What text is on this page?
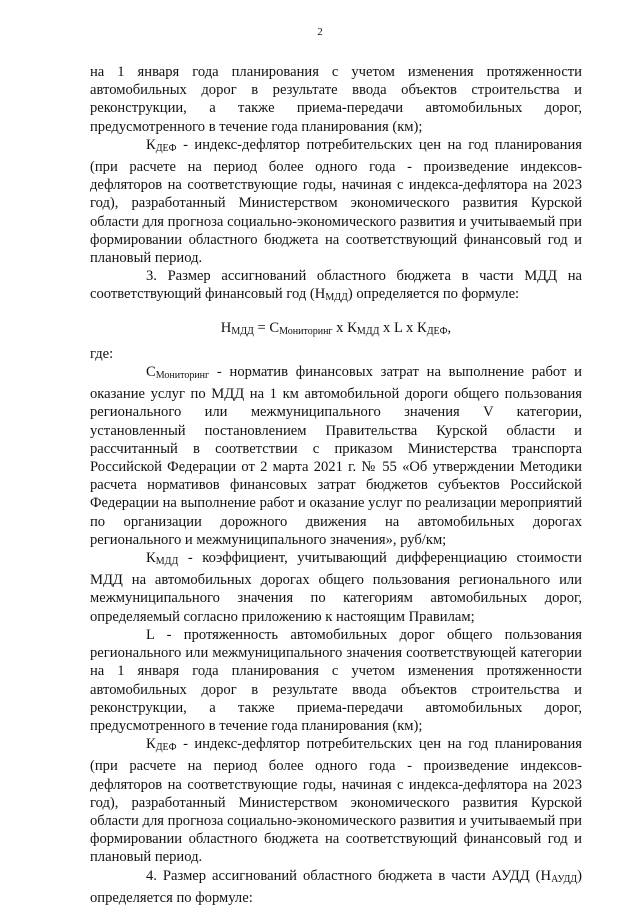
2

на 1 января года планирования с учетом изменения протяженности автомобильных дорог в результате ввода объектов строительства и реконструкции, а также приема-передачи автомобильных дорог, предусмотренного в течение года планирования (км);

$К_{ДЕФ}$ - индекс-дефлятор потребительских цен на год планирования (при расчете на период более одного года - произведение индексов-дефляторов на соответствующие годы, начиная с индекса-дефлятора на 2023 год), разработанный Министерством экономического развития Курской области для прогноза социально-экономического развития и учитываемый при формировании областного бюджета на соответствующий финансовый год и плановый период.

3. Размер ассигнований областного бюджета в части МДД на соответствующий финансовый год $(Н_{МДД})$ определяется по формуле:

$Н_{МДД} = С_{Мониторинг}$ х $К_{МДД}$ х L х $К_{ДЕФ}$,

где:

$С_{Мониторинг}$ - норматив финансовых затрат на выполнение работ и оказание услуг по МДД на 1 км автомобильной дороги общего пользования регионального или межмуниципального значения V категории, установленный постановлением Правительства Курской области и рассчитанный в соответствии с приказом Министерства транспорта Российской Федерации от 2 марта 2021 г. № 55 «Об утверждении Методики расчета нормативов финансовых затрат бюджетов субъектов Российской Федерации на выполнение работ и оказание услуг по реализации мероприятий по организации дорожного движения на автомобильных дорогах регионального и межмуниципального значения», руб/км;

$К_{МДД}$ - коэффициент, учитывающий дифференциацию стоимости МДД на автомобильных дорогах общего пользования регионального или межмуниципального значения по категориям автомобильных дорог, определяемый согласно приложению к настоящим Правилам;

L - протяженность автомобильных дорог общего пользования регионального или межмуниципального значения соответствующей категории на 1 января года планирования с учетом изменения протяженности автомобильных дорог в результате ввода объектов строительства и реконструкции, а также приема-передачи автомобильных дорог, предусмотренного в течение года планирования (км);

$К_{ДЕФ}$ - индекс-дефлятор потребительских цен на год планирования (при расчете на период более одного года - произведение индексов-дефляторов на соответствующие годы, начиная с индекса-дефлятора на 2023 год), разработанный Министерством экономического развития Курской области для прогноза социально-экономического развития и учитываемый при формировании областного бюджета на соответствующий финансовый год и плановый период.

4. Размер ассигнований областного бюджета в части АУДД $(Н_{АУДД})$ определяется по формуле:
